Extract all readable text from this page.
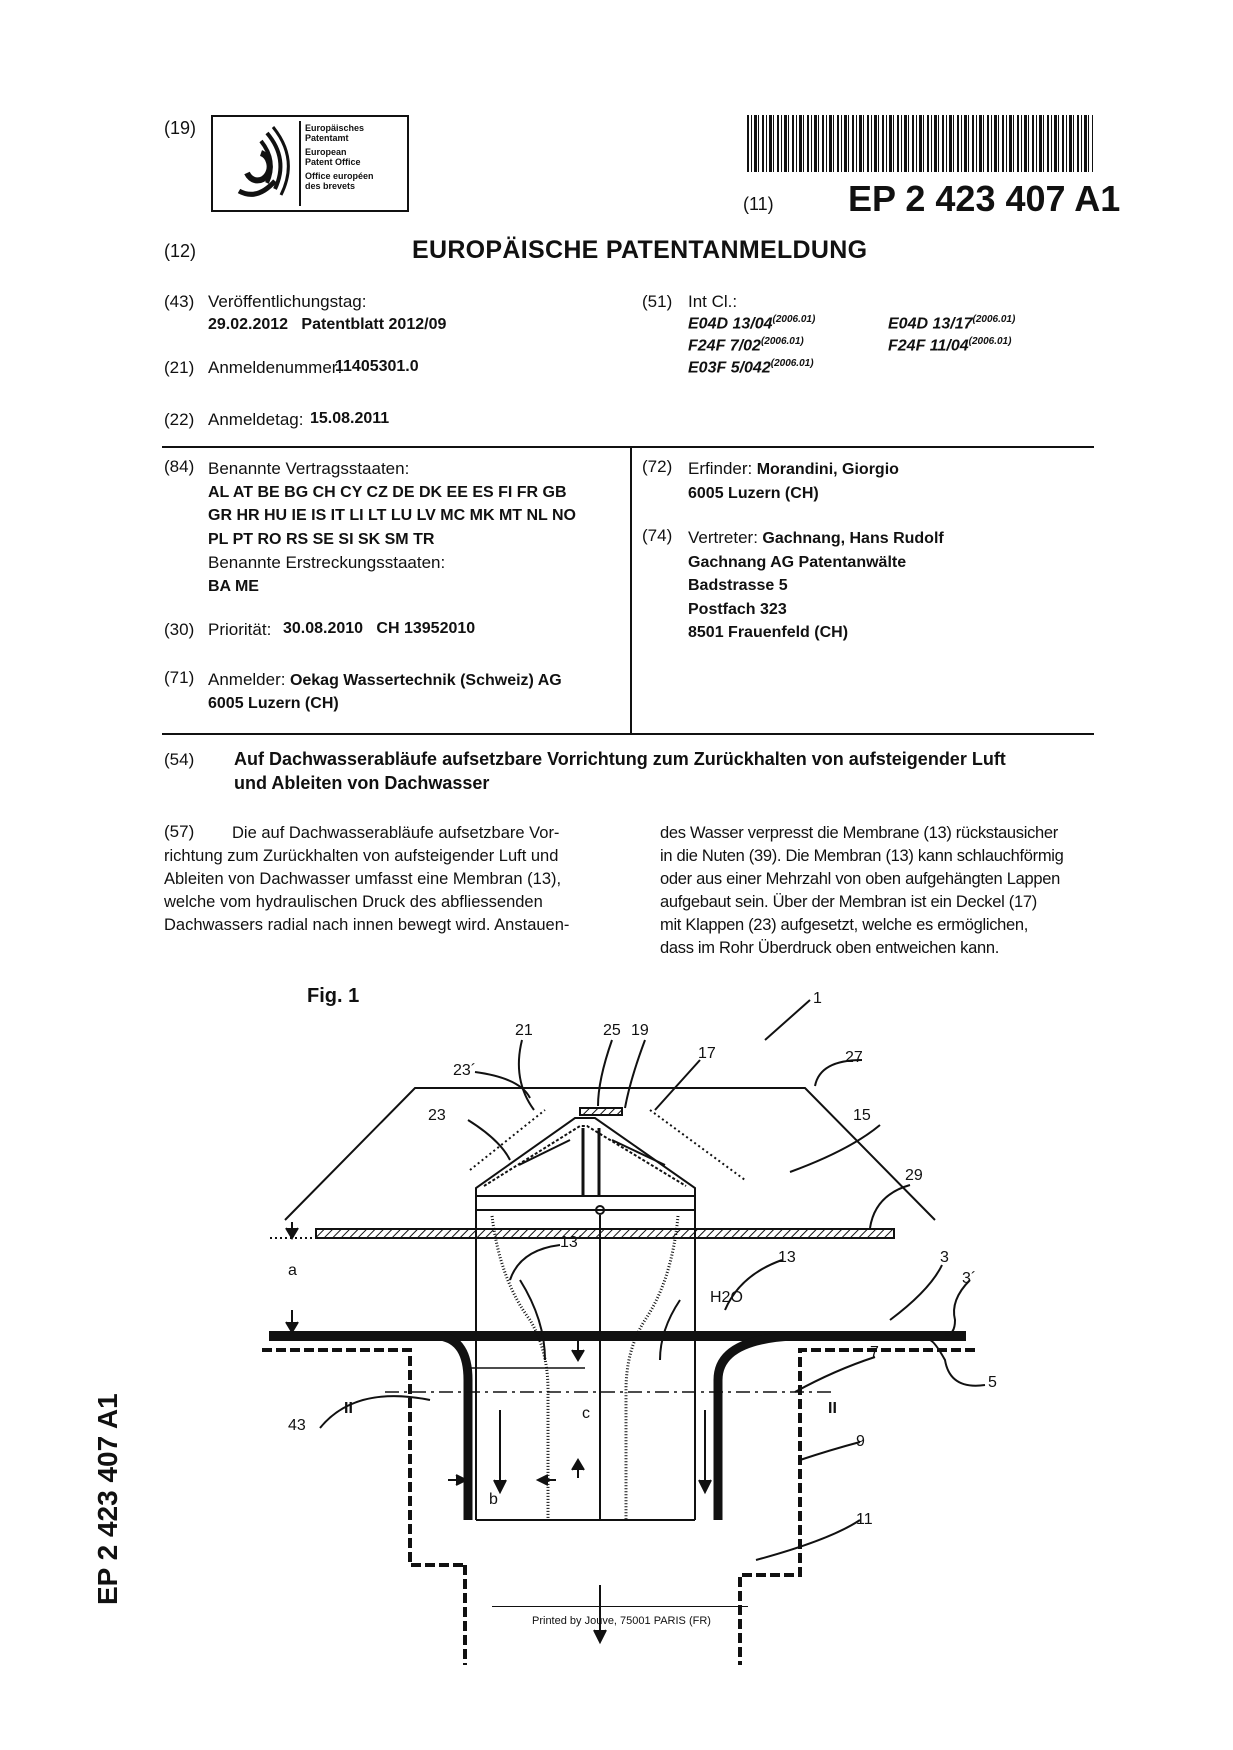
(19)	Europäisches
Patentamt
European
Patent Office
Office européen
des brevets
(11) EP 2 423 407 A1
(12)	EUROPÄISCHE PATENTANMELDUNG
(43) Veröffentlichungstag:
29.02.2012   Patentblatt 2012/09
(21) Anmeldenummer:
11405301.0
(22) Anmeldetag: 15.08.2011
(51) Int Cl.:
E04D $13/04^{(2006.01)}$	E04D $13/17^{(2006.01)}$
F24F $7/02^{(2006.01)}$	F24F $11/04^{(2006.01)}$
E03F $5/042^{(2006.01)}$
(84) Benannte Vertragsstaaten:
AL AT BE BG CH CY CZ DE DK EE ES FI FR GB
GR HR HU IE IS IT LI LT LU LV MC MK MT NL NO
PL PT RO RS SE SI SK SM TR
Benannte Erstreckungsstaaten:
BA ME
(30) Priorität: 30.08.2010   CH 13952010
(71) Anmelder: Oekag Wassertechnik (Schweiz) AG
6005 Luzern (CH)
(72) Erfinder: Morandini, Giorgio
6005 Luzern (CH)
(74) Vertreter: Gachnang, Hans Rudolf
Gachnang AG Patentanwälte
Badstrasse 5
Postfach 323
8501 Frauenfeld (CH)
(54) Auf Dachwasserabläufe aufsetzbare Vorrichtung zum Zurückhalten von aufsteigender Luft
und Ableiten von Dachwasser
(57)	Die auf Dachwasserabläufe aufsetzbare Vor-
richtung zum Zurückhalten von aufsteigender Luft und
Ableiten von Dachwasser umfasst eine Membran (13),
welche vom hydraulischen Druck des abfliessenden
Dachwassers radial nach innen bewegt wird. Anstauen-
des Wasser verpresst die Membrane (13) rückstausicher
in die Nuten (39). Die Membran (13) kann schlauchförmig
oder aus einer Mehrzahl von oben aufgehängten Lappen
aufgebaut sein. Über der Membran ist ein Deckel (17)
mit Klappen (23) aufgesetzt, welche es ermöglichen,
dass im Rohr Überdruck oben entweichen kann.
Fig. 1	1
21	25 19
17
23´
27
23	15
29
13´
3
3´
13
a
H2O
5
7
II	II
43
c
9
b
11
EP 2 423 407 A1
Printed by Jouve, 75001 PARIS (FR)
